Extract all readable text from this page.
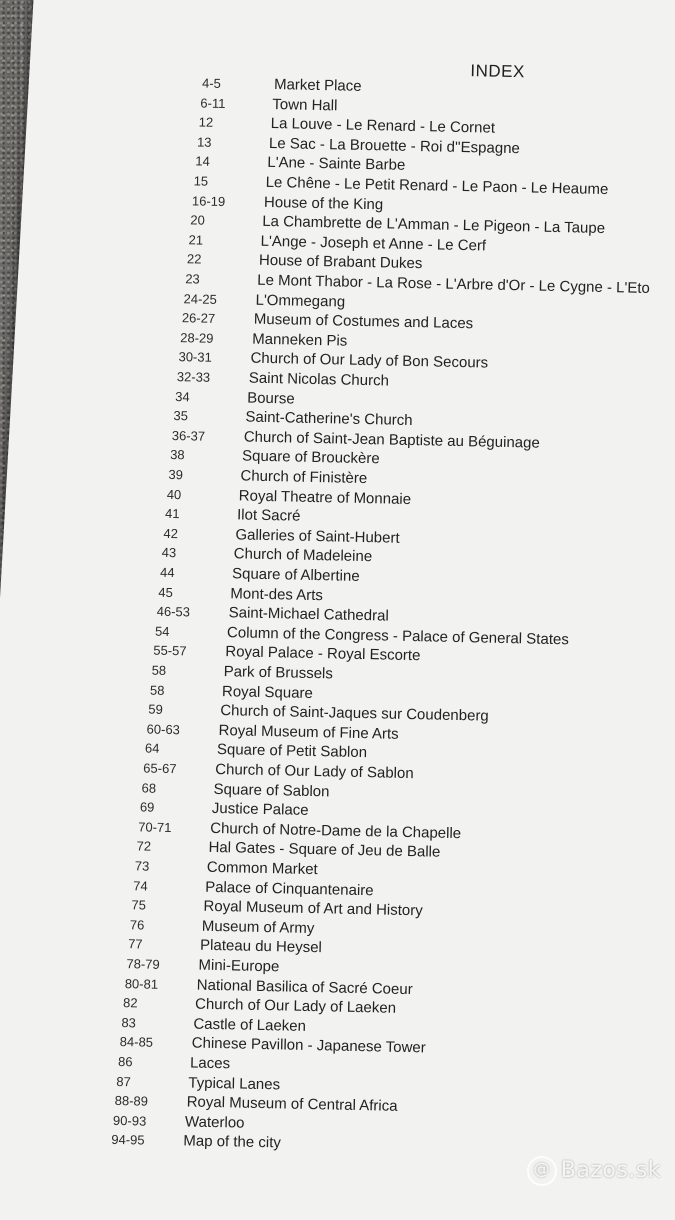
INDEX
4-5	Market Place
6-11	Town Hall
12	La Louve - Le Renard - Le Cornet
13	Le Sac - La Brouette - Roi d''Espagne
14	L'Ane - Sainte Barbe
15	Le Chêne - Le Petit Renard - Le Paon - Le Heaume
16-19	House of the King
20	La Chambrette de L'Amman - Le Pigeon - La Taupe
21	L'Ange - Joseph et Anne - Le Cerf
22	House of Brabant Dukes
23	Le Mont Thabor - La Rose - L'Arbre d'Or - Le Cygne - L'Eto
24-25	L'Ommegang
26-27	Museum of Costumes and Laces
28-29	Manneken Pis
30-31	Church of Our Lady of Bon Secours
32-33	Saint Nicolas Church
34	Bourse
35	Saint-Catherine's Church
36-37	Church of Saint-Jean Baptiste au Béguinage
38	Square of Brouckère
39	Church of Finistère
40	Royal Theatre of Monnaie
41	Ilot Sacré
42	Galleries of Saint-Hubert
43	Church of Madeleine
44	Square of Albertine
45	Mont-des Arts
46-53	Saint-Michael Cathedral
54	Column of the Congress - Palace of General States
55-57	Royal Palace - Royal Escorte
58	Park of Brussels
58	Royal Square
59	Church of Saint-Jaques sur Coudenberg
60-63	Royal Museum of Fine Arts
64	Square of Petit Sablon
65-67	Church of Our Lady of Sablon
68	Square of Sablon
69	Justice Palace
70-71	Church of Notre-Dame de la Chapelle
72	Hal Gates - Square of Jeu de Balle
73	Common Market
74	Palace of Cinquantenaire
75	Royal Museum of Art and History
76	Museum of Army
77	Plateau du Heysel
78-79	Mini-Europe
80-81	National Basilica of Sacré Coeur
82	Church of Our Lady of Laeken
83	Castle of Laeken
84-85	Chinese Pavillon - Japanese Tower
86	Laces
87	Typical Lanes
88-89	Royal Museum of Central Africa
90-93	Waterloo
94-95	Map of the city
@ Bazos.sk
